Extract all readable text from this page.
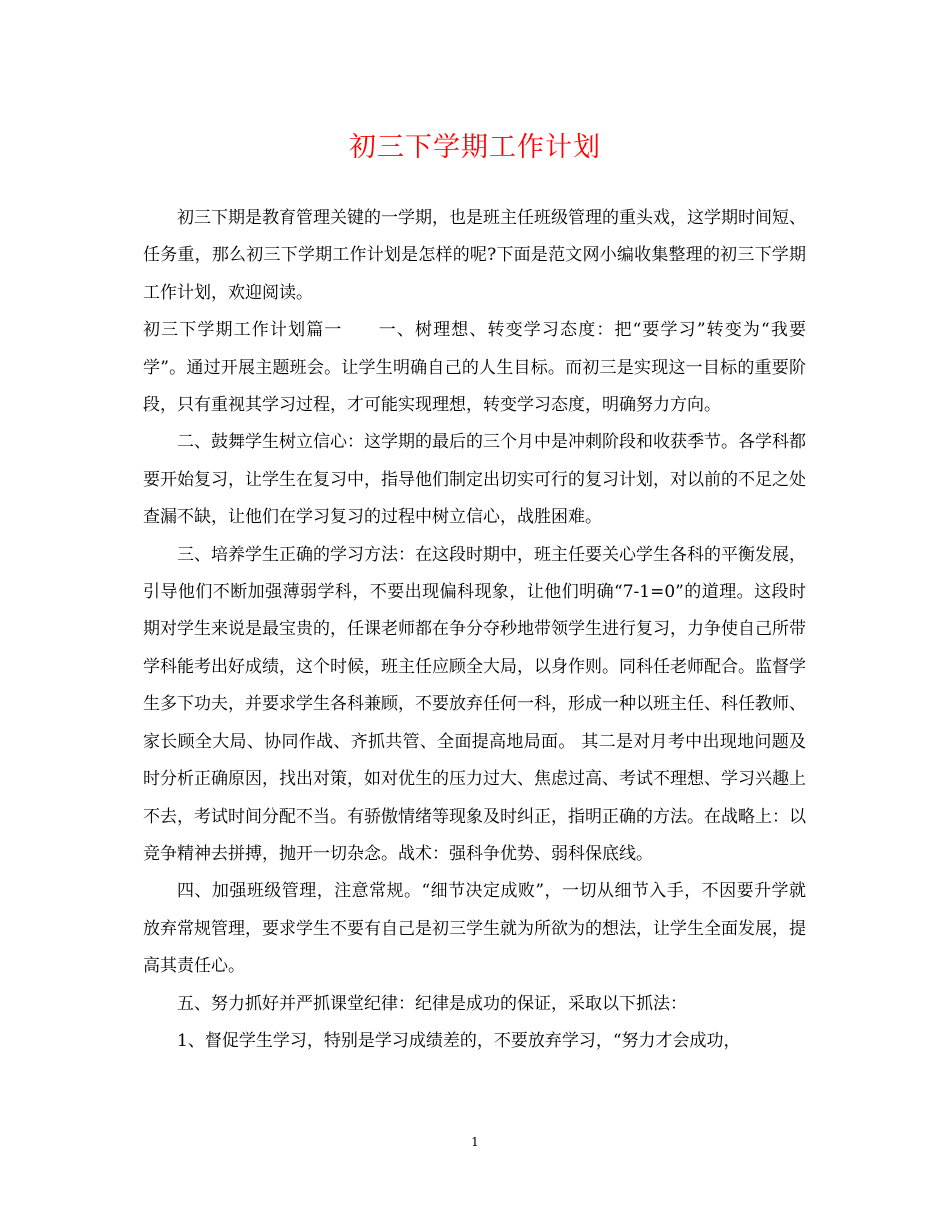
初三下学期工作计划

初三下期是教育管理关键的一学期，也是班主任班级管理的重头戏，这学期时间短、任务重，那么初三下学期工作计划是怎样的呢?下面是范文网小编收集整理的初三下学期工作计划，欢迎阅读。

初三下学期工作计划篇一　　一、树理想、转变学习态度：把“要学习”转变为“我要学”。通过开展主题班会。让学生明确自己的人生目标。而初三是实现这一目标的重要阶段，只有重视其学习过程，才可能实现理想，转变学习态度，明确努力方向。

二、鼓舞学生树立信心：这学期的最后的三个月中是冲刺阶段和收获季节。各学科都要开始复习，让学生在复习中，指导他们制定出切实可行的复习计划，对以前的不足之处查漏不缺，让他们在学习复习的过程中树立信心，战胜困难。

三、培养学生正确的学习方法：在这段时期中，班主任要关心学生各科的平衡发展，引导他们不断加强薄弱学科，不要出现偏科现象，让他们明确“7-1=0”的道理。这段时期对学生来说是最宝贵的，任课老师都在争分夺秒地带领学生进行复习，力争使自己所带学科能考出好成绩，这个时候，班主任应顾全大局，以身作则。同科任老师配合。监督学生多下功夫，并要求学生各科兼顾，不要放弃任何一科，形成一种以班主任、科任教师、家长顾全大局、协同作战、齐抓共管、全面提高地局面。 其二是对月考中出现地问题及时分析正确原因，找出对策，如对优生的压力过大、焦虑过高、考试不理想、学习兴趣上不去，考试时间分配不当。有骄傲情绪等现象及时纠正，指明正确的方法。在战略上：以竞争精神去拼搏，抛开一切杂念。战术：强科争优势、弱科保底线。

四、加强班级管理，注意常规。“细节决定成败”，一切从细节入手，不因要升学就放弃常规管理，要求学生不要有自己是初三学生就为所欲为的想法，让学生全面发展，提高其责任心。

五、努力抓好并严抓课堂纪律：纪律是成功的保证，采取以下抓法：

1、督促学生学习，特别是学习成绩差的，不要放弃学习，“努力才会成功，

1
